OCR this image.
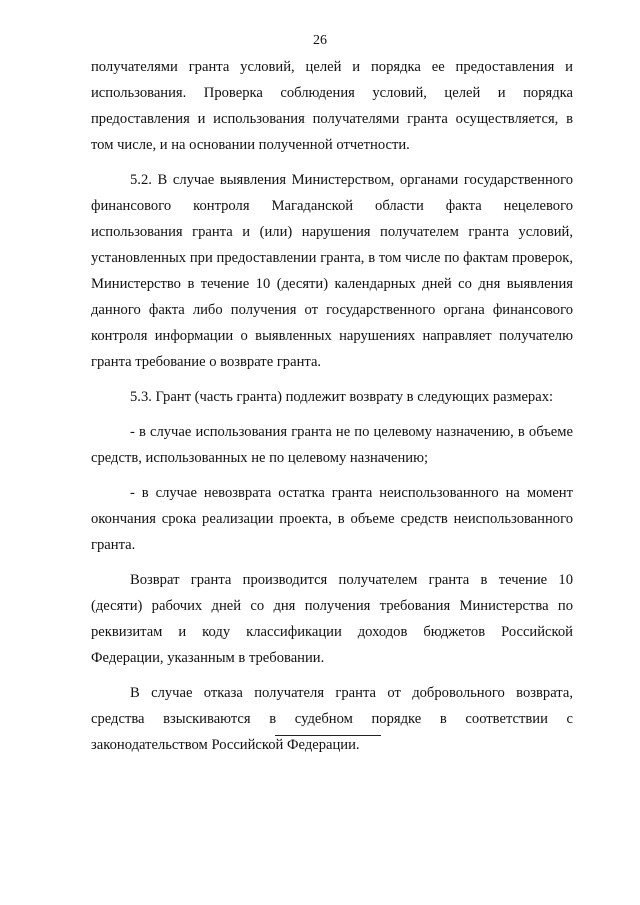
26

получателями гранта условий, целей и порядка ее предоставления и использования. Проверка соблюдения условий, целей и порядка предоставления и использования получателями гранта осуществляется, в том числе, и на основании полученной отчетности.

5.2. В случае выявления Министерством, органами государственного финансового контроля Магаданской области факта нецелевого использования гранта и (или) нарушения получателем гранта условий, установленных при предоставлении гранта, в том числе по фактам проверок, Министерство в течение 10 (десяти) календарных дней со дня выявления данного факта либо получения от государственного органа финансового контроля информации о выявленных нарушениях направляет получателю гранта требование о возврате гранта.

5.3. Грант (часть гранта) подлежит возврату в следующих размерах:

- в случае использования гранта не по целевому назначению, в объеме средств, использованных не по целевому назначению;

- в случае невозврата остатка гранта неиспользованного на момент окончания срока реализации проекта, в объеме средств неиспользованного гранта.

Возврат гранта производится получателем гранта в течение 10 (десяти) рабочих дней со дня получения требования Министерства по реквизитам и коду классификации доходов бюджетов Российской Федерации, указанным в требовании.

В случае отказа получателя гранта от добровольного возврата, средства взыскиваются в судебном порядке в соответствии с законодательством Российской Федерации.
